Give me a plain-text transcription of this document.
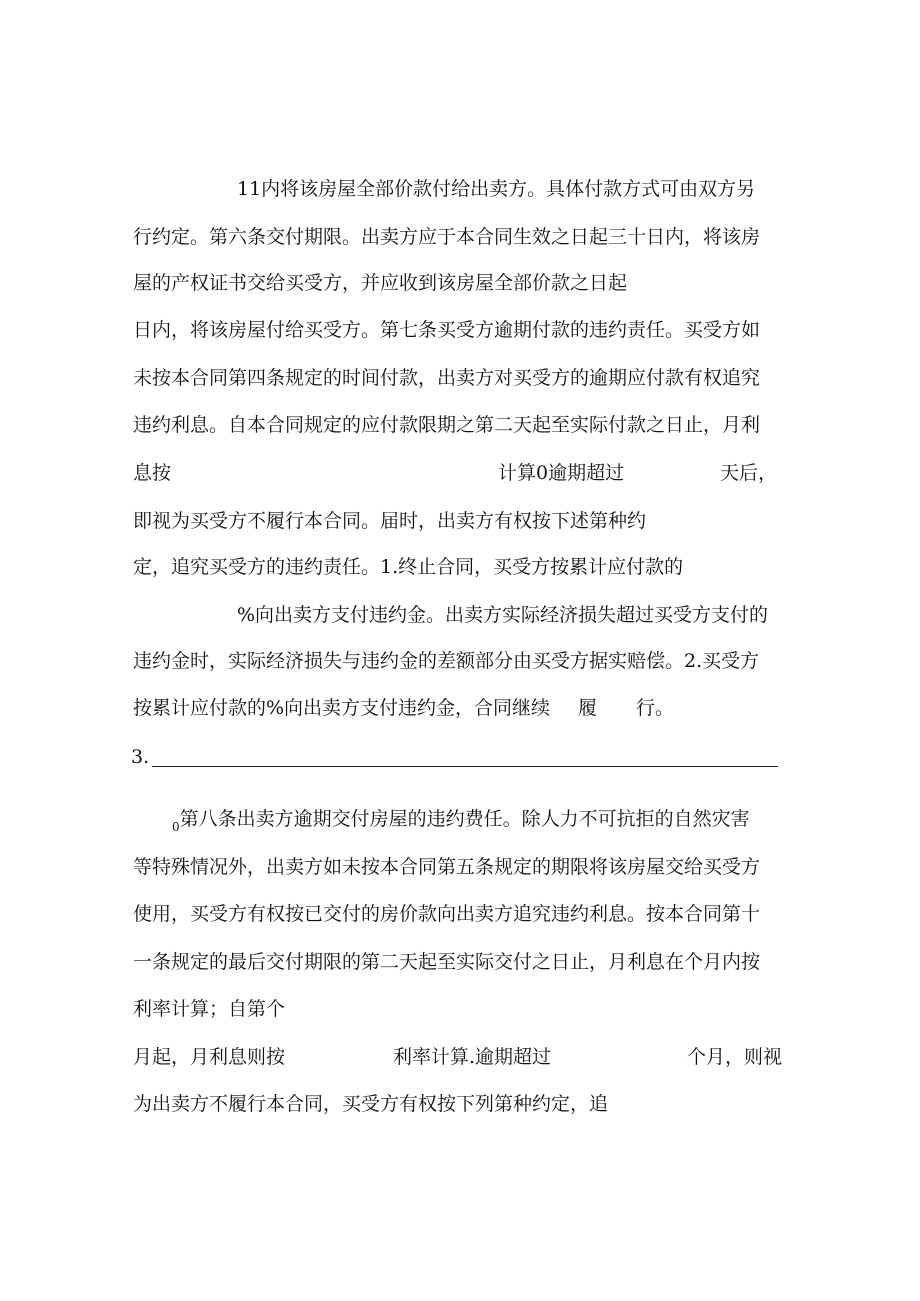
11内将该房屋全部价款付给出卖方。具体付款方式可由双方另
行约定。第六条交付期限。出卖方应于本合同生效之日起三十日内，将该房
屋的产权证书交给买受方，并应收到该房屋全部价款之日起
日内，将该房屋付给买受方。第七条买受方逾期付款的违约责任。买受方如
未按本合同第四条规定的时间付款，出卖方对买受方的逾期应付款有权追究
违约利息。自本合同规定的应付款限期之第二天起至实际付款之日止，月利
息按	计算0逾期超过	天后，
即视为买受方不履行本合同。届时，出卖方有权按下述第种约
定，追究买受方的违约责任。1.终止合同，买受方按累计应付款的
%向出卖方支付违约金。出卖方实际经济损失超过买受方支付的
违约金时，实际经济损失与违约金的差额部分由买受方据实赔偿。2.买受方
按累计应付款的%向出卖方支付违约金，合同继续 履 行。
3.
$_0$第八条出卖方逾期交付房屋的违约费任。除人力不可抗拒的自然灾害
等特殊情况外，出卖方如未按本合同第五条规定的期限将该房屋交给买受方
使用，买受方有权按已交付的房价款向出卖方追究违约利息。按本合同第十
一条规定的最后交付期限的第二天起至实际交付之日止，月利息在个月内按
利率计算；自第个
月起，月利息则按	利率计算.逾期超过	个月，则视
为出卖方不履行本合同，买受方有权按下列第种约定，追
